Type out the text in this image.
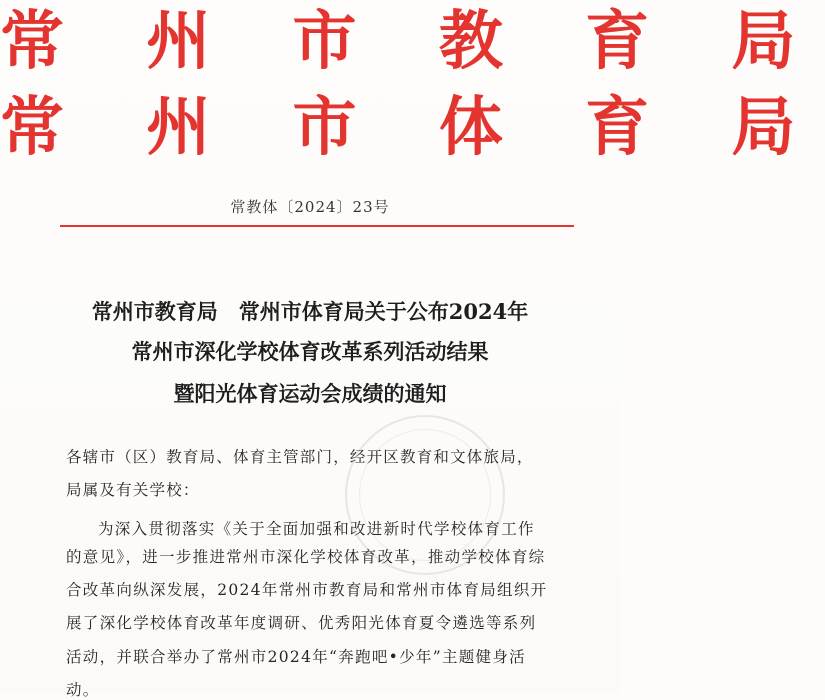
常 州 市 教 育 局
常 州 市 体 育 局
常教体〔2024〕23号
常州市教育局　常州市体育局关于公布2024年
常州市深化学校体育改革系列活动结果
暨阳光体育运动会成绩的通知
各辖市（区）教育局、体育主管部门，经开区教育和文体旅局，
局属及有关学校：
为深入贯彻落实《关于全面加强和改进新时代学校体育工作
的意见》，进一步推进常州市深化学校体育改革，推动学校体育综
合改革向纵深发展，2024年常州市教育局和常州市体育局组织开
展了深化学校体育改革年度调研、优秀阳光体育夏令遴选等系列
活动，并联合举办了常州市2024年“奔跑吧•少年”主题健身活
动。
